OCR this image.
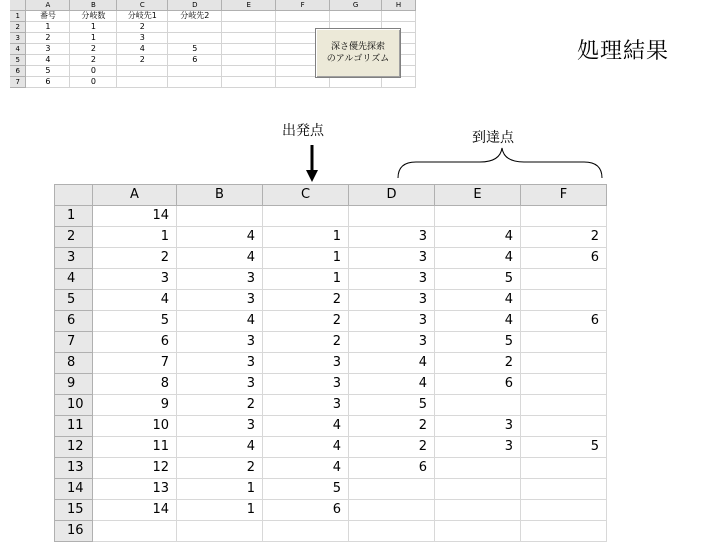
	A	B	C	D	E	F	G	H
1	番号	分岐数	分岐先1	分岐先2				
2	1	1	2					
3	2	1	3					
4	3	2	4	5				
5	4	2	2	6				
6	5	0						
7	6	0						
深さ優先探索
のアルゴリズム	処理結果
出発点	到達点
	A	B	C	D	E	F
1	14					
2	1	4	1	3	4	2
3	2	4	1	3	4	6
4	3	3	1	3	5	
5	4	3	2	3	4	
6	5	4	2	3	4	6
7	6	3	2	3	5	
8	7	3	3	4	2	
9	8	3	3	4	6	
10	9	2	3	5		
11	10	3	4	2	3	
12	11	4	4	2	3	5
13	12	2	4	6		
14	13	1	5			
15	14	1	6			
16						
